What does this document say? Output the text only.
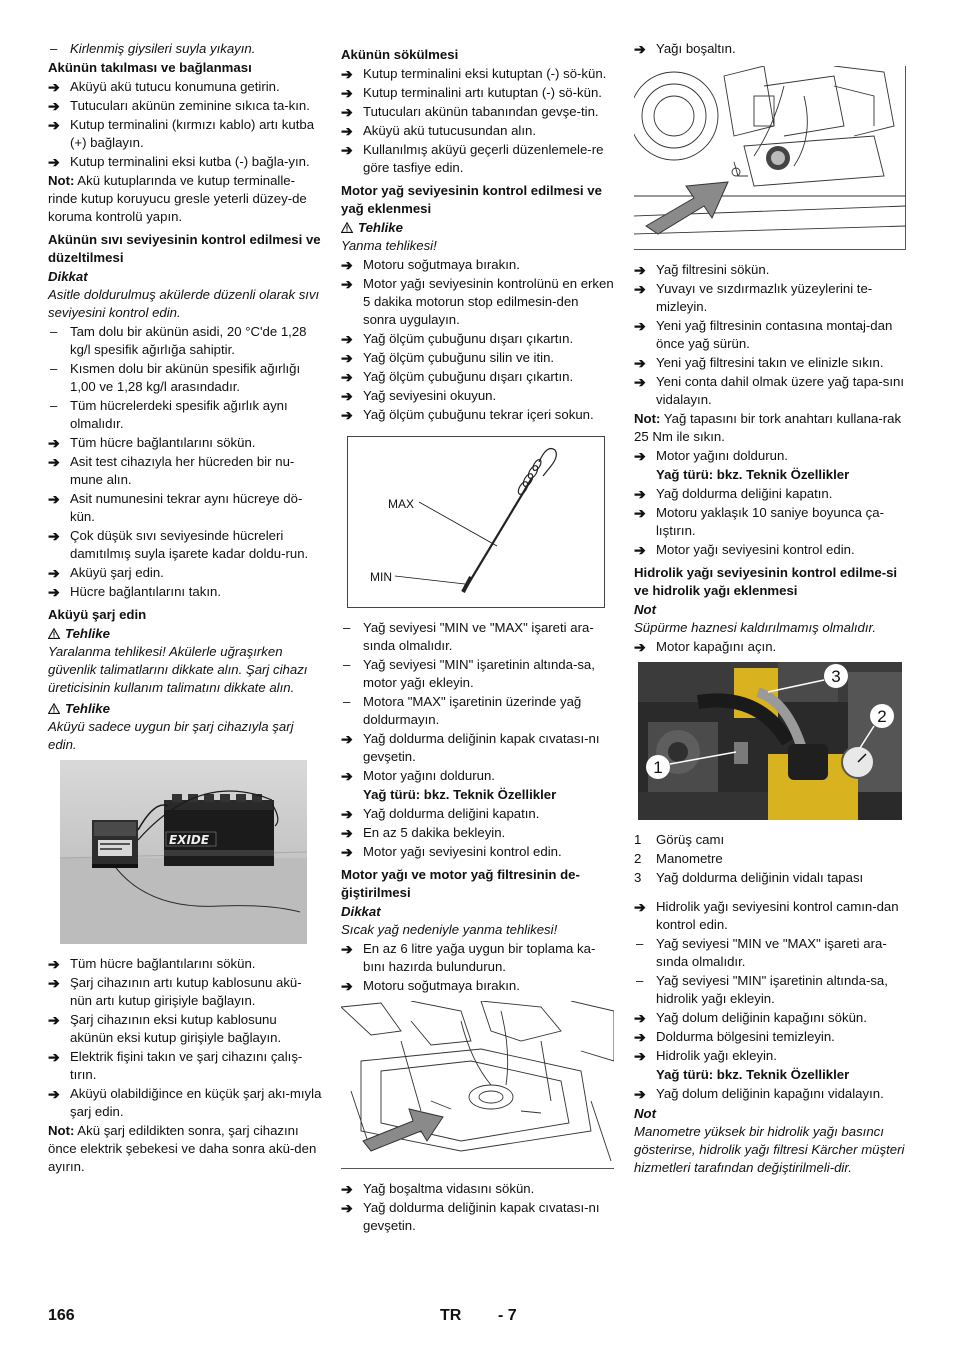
– Kirlenmiş giysileri suyla yıkayın.
Akünün takılması ve bağlanması
➔ Aküyü akü tutucu konumuna getirin.
➔ Tutucuları akünün zeminine sıkıca ta-kın.
➔ Kutup terminalini (kırmızı kablo) artı kutba (+) bağlayın.
➔ Kutup terminalini eksi kutba (-) bağla-yın.
Not: Akü kutuplarında ve kutup terminalle-rinde kutup koruyucu gresle yeterli düzey-de koruma kontrolü yapın.
Akünün sıvı seviyesinin kontrol edilmesi ve düzeltilmesi
Dikkat
Asitle doldurulmuş akülerde düzenli olarak sıvı seviyesini kontrol edin.
– Tam dolu bir akünün asidi, 20 °C'de 1,28 kg/l spesifik ağırlığa sahiptir.
– Kısmen dolu bir akünün spesifik ağırlığı 1,00 ve 1,28 kg/l arasındadır.
– Tüm hücrelerdeki spesifik ağırlık aynı olmalıdır.
➔ Tüm hücre bağlantılarını sökün.
➔ Asit test cihazıyla her hücreden bir nu-mune alın.
➔ Asit numunesini tekrar aynı hücreye dö-kün.
➔ Çok düşük sıvı seviyesinde hücreleri damıtılmış suyla işarete kadar doldu-run.
➔ Aküyü şarj edin.
➔ Hücre bağlantılarını takın.
Aküyü şarj edin
Tehlike
Yaralanma tehlikesi! Akülerle uğraşırken güvenlik talimatlarını dikkate alın. Şarj cihazı üreticisinin kullanım talimatını dikkate alın.
Tehlike
Aküyü sadece uygun bir şarj cihazıyla şarj edin.
EXIDE
➔ Tüm hücre bağlantılarını sökün.
➔ Şarj cihazının artı kutup kablosunu akü-nün artı kutup girişiyle bağlayın.
➔ Şarj cihazının eksi kutup kablosunu akünün eksi kutup girişiyle bağlayın.
➔ Elektrik fişini takın ve şarj cihazını çalış-tırın.
➔ Aküyü olabildiğince en küçük şarj akı-mıyla şarj edin.
Not: Akü şarj edildikten sonra, şarj cihazını önce elektrik şebekesi ve daha sonra akü-den ayırın.
Akünün sökülmesi
➔ Kutup terminalini eksi kutuptan (-) sö-kün.
➔ Kutup terminalini artı kutuptan (-) sö-kün.
➔ Tutucuları akünün tabanından gevşe-tin.
➔ Aküyü akü tutucusundan alın.
➔ Kullanılmış aküyü geçerli düzenlemele-re göre tasfiye edin.
Motor yağ seviyesinin kontrol edilmesi ve yağ eklenmesi
Tehlike
Yanma tehlikesi!
➔ Motoru soğutmaya bırakın.
➔ Motor yağı seviyesinin kontrolünü en erken 5 dakika motorun stop edilmesin-den sonra uygulayın.
➔ Yağ ölçüm çubuğunu dışarı çıkartın.
➔ Yağ ölçüm çubuğunu silin ve itin.
➔ Yağ ölçüm çubuğunu dışarı çıkartın.
➔ Yağ seviyesini okuyun.
➔ Yağ ölçüm çubuğunu tekrar içeri sokun.
MAX
MIN
– Yağ seviyesi "MIN ve "MAX" işareti ara-sında olmalıdır.
– Yağ seviyesi "MIN" işaretinin altında-sa, motor yağı ekleyin.
– Motora "MAX" işaretinin üzerinde yağ doldurmayın.
➔ Yağ doldurma deliğinin kapak cıvatası-nı gevşetin.
➔ Motor yağını doldurun.
Yağ türü: bkz. Teknik Özellikler
➔ Yağ doldurma deliğini kapatın.
➔ En az 5 dakika bekleyin.
➔ Motor yağı seviyesini kontrol edin.
Motor yağı ve motor yağ filtresinin de-ğiştirilmesi
Dikkat
Sıcak yağ nedeniyle yanma tehlikesi!
➔ En az 6 litre yağa uygun bir toplama ka-bını hazırda bulundurun.
➔ Motoru soğutmaya bırakın.
➔ Yağ boşaltma vidasını sökün.
➔ Yağ doldurma deliğinin kapak cıvatası-nı gevşetin.
➔ Yağı boşaltın.
➔ Yağ filtresini sökün.
➔ Yuvayı ve sızdırmazlık yüzeylerini te-mizleyin.
➔ Yeni yağ filtresinin contasına montaj-dan önce yağ sürün.
➔ Yeni yağ filtresini takın ve elinizle sıkın.
➔ Yeni conta dahil olmak üzere yağ tapa-sını vidalayın.
Not: Yağ tapasını bir tork anahtarı kullana-rak 25 Nm ile sıkın.
➔ Motor yağını doldurun.
Yağ türü: bkz. Teknik Özellikler
➔ Yağ doldurma deliğini kapatın.
➔ Motoru yaklaşık 10 saniye boyunca ça-lıştırın.
➔ Motor yağı seviyesini kontrol edin.
Hidrolik yağı seviyesinin kontrol edilme-si ve hidrolik yağı eklenmesi
Not
Süpürme haznesi kaldırılmamış olmalıdır.
➔ Motor kapağını açın.
1
2
3
1 Görüş camı
2 Manometre
3 Yağ doldurma deliğinin vidalı tapası
➔ Hidrolik yağı seviyesini kontrol camın-dan kontrol edin.
– Yağ seviyesi "MIN ve "MAX" işareti ara-sında olmalıdır.
– Yağ seviyesi "MIN" işaretinin altında-sa, hidrolik yağı ekleyin.
➔ Yağ dolum deliğinin kapağını sökün.
➔ Doldurma bölgesini temizleyin.
➔ Hidrolik yağı ekleyin.
Yağ türü: bkz. Teknik Özellikler
➔ Yağ dolum deliğinin kapağını vidalayın.
Not
Manometre yüksek bir hidrolik yağı basıncı gösterirse, hidrolik yağı filtresi Kärcher müşteri hizmetleri tarafından değiştirilmeli-dir.
166	TR - 7
